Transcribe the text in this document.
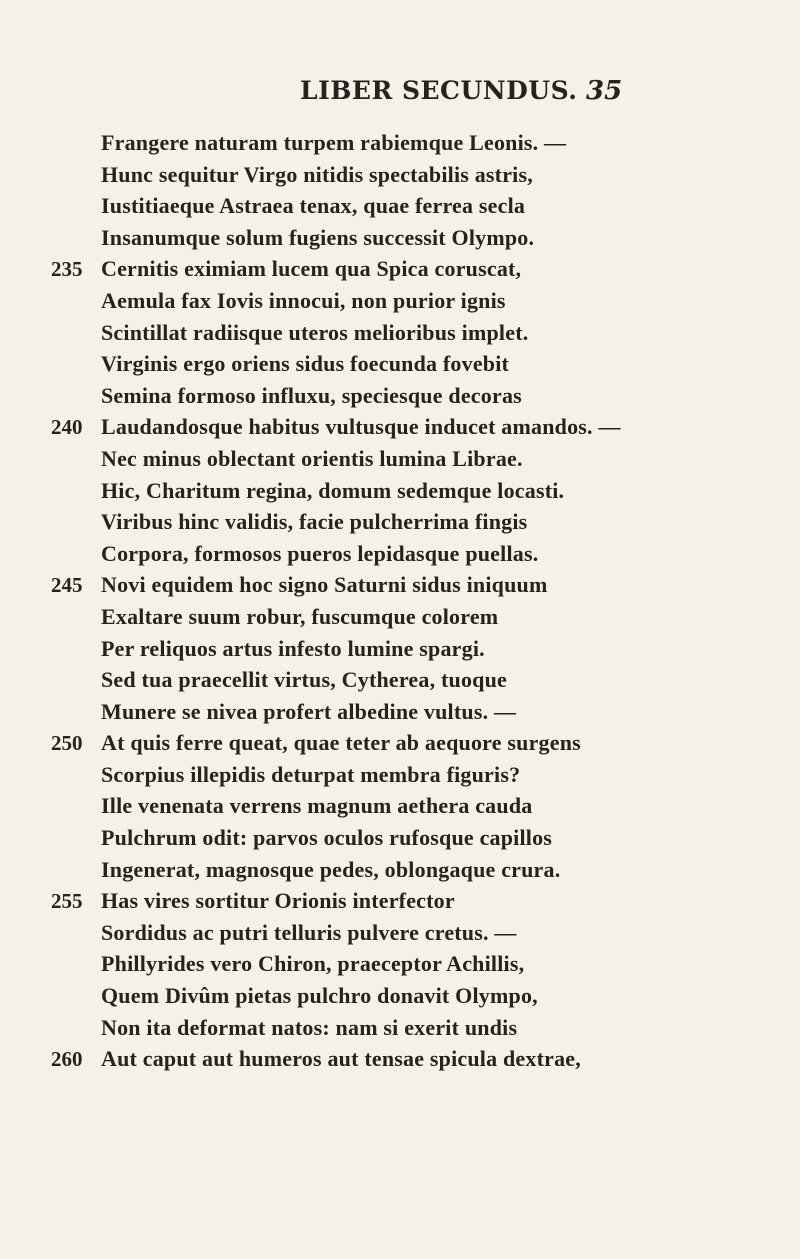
LIBER SECUNDUS. 35
Frangere naturam turpem rabiemque Leonis. —
Hunc sequitur Virgo nitidis spectabilis astris,
Iustitiaeque Astraea tenax, quae ferrea secla
Insanumque solum fugiens successit Olympo.
235 Cernitis eximiam lucem qua Spica coruscat,
Aemula fax Iovis innocui, non purior ignis
Scintillat radiisque uteros melioribus implet.
Virginis ergo oriens sidus foecunda fovebit
Semina formoso influxu, speciesque decoras
240 Laudandosque habitus vultusque inducet amandos. —
Nec minus oblectant orientis lumina Librae.
Hic, Charitum regina, domum sedemque locasti.
Viribus hinc validis, facie pulcherrima fingis
Corpora, formosos pueros lepidasque puellas.
245 Novi equidem hoc signo Saturni sidus iniquum
Exaltare suum robur, fuscumque colorem
Per reliquos artus infesto lumine spargi.
Sed tua praecellit virtus, Cytherea, tuoque
Munere se nivea profert albedine vultus. —
250 At quis ferre queat, quae teter ab aequore surgens
Scorpius illepidis deturpat membra figuris?
Ille venenata verrens magnum aethera cauda
Pulchrum odit: parvos oculos rufosque capillos
Ingenerat, magnosque pedes, oblongaque crura.
255 Has vires sortitur Orionis interfector
Sordidus ac putri telluris pulvere cretus. —
Phillyrides vero Chiron, praeceptor Achillis,
Quem Divûm pietas pulchro donavit Olympo,
Non ita deformat natos: nam si exerit undis
260 Aut caput aut humeros aut tensae spicula dextrae,
